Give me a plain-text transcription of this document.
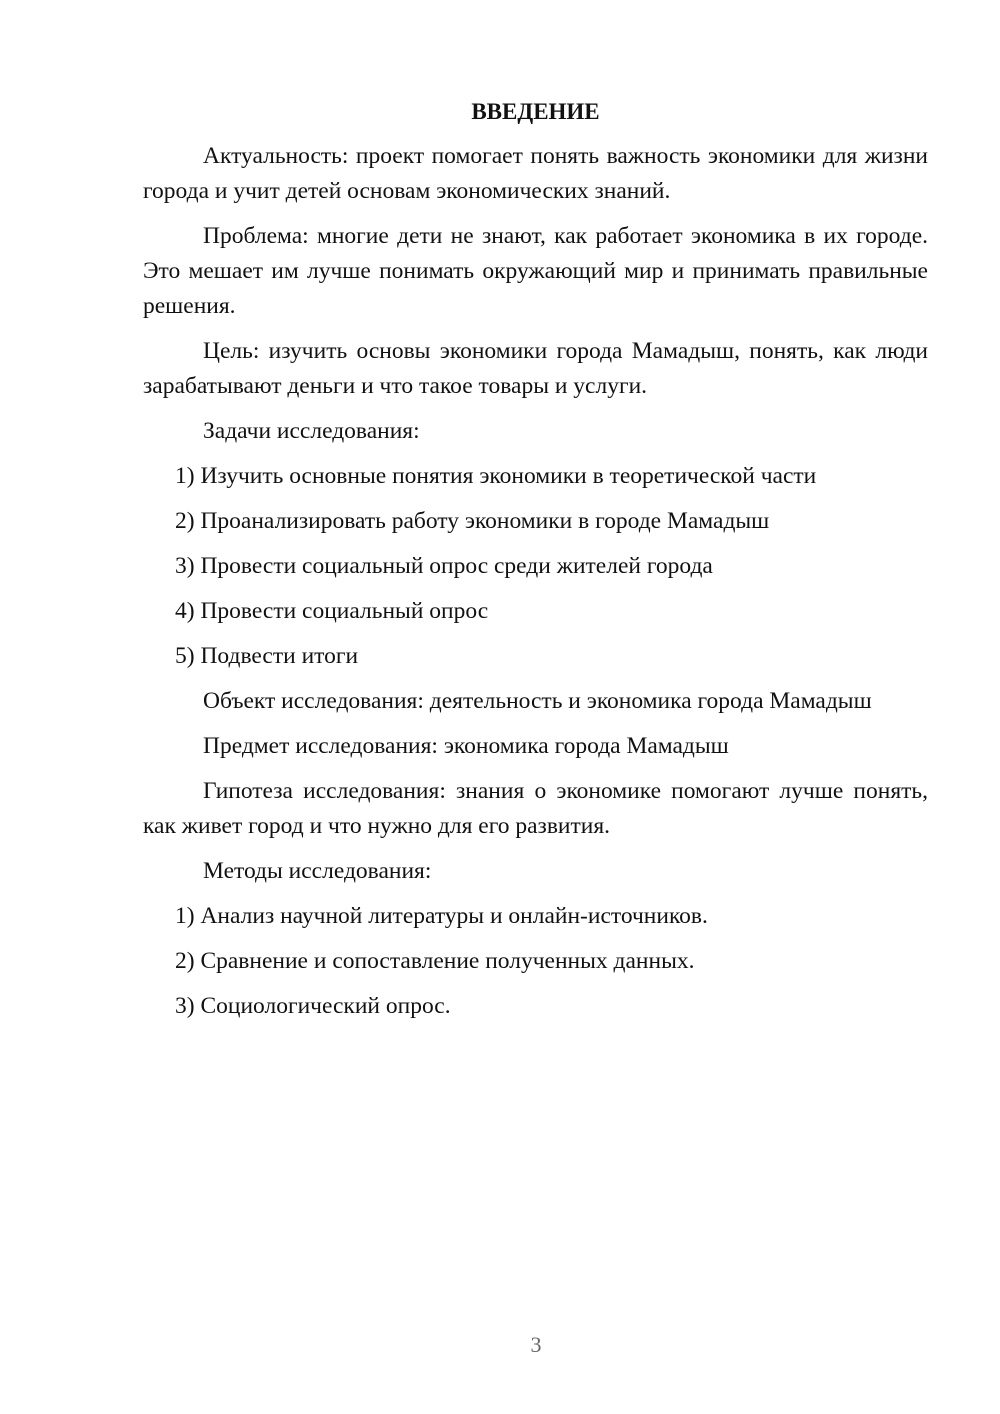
ВВЕДЕНИЕ
Актуальность: проект помогает понять важность экономики для жизни города и учит детей основам экономических знаний.
Проблема: многие дети не знают, как работает экономика в их городе. Это мешает им лучше понимать окружающий мир и принимать правильные решения.
Цель: изучить основы экономики города Мамадыш, понять, как люди зарабатывают деньги и что такое товары и услуги.
Задачи исследования:
1) Изучить основные понятия экономики в теоретической части
2) Проанализировать работу экономики в городе Мамадыш
3) Провести социальный опрос среди жителей города
4) Провести социальный опрос
5) Подвести итоги
Объект исследования: деятельность и экономика города Мамадыш
Предмет исследования: экономика города Мамадыш
Гипотеза исследования: знания о экономике помогают лучше понять, как живет город и что нужно для его развития.
Методы исследования:
1) Анализ научной литературы и онлайн-источников.
2) Сравнение и сопоставление полученных данных.
3) Социологический опрос.
3
